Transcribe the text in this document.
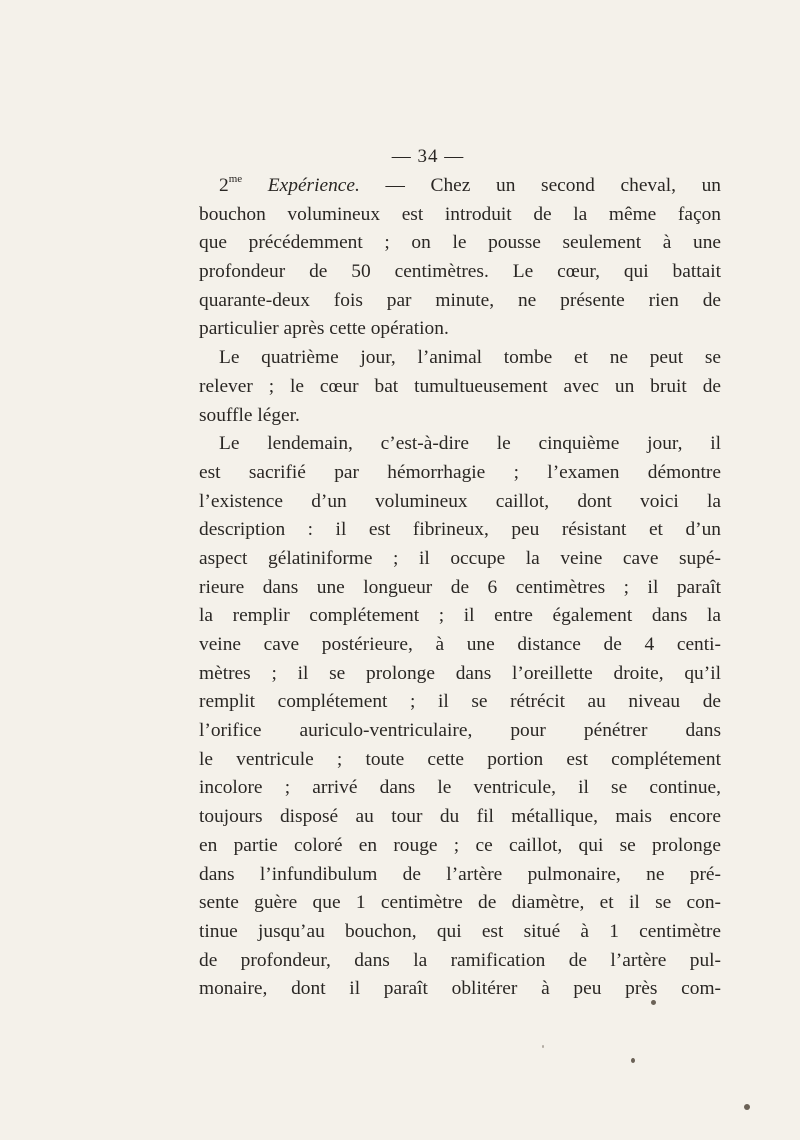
— 34 —
$2^{me}$ Expérience. — Chez un second cheval, un
bouchon volumineux est introduit de la même façon
que précédemment ; on le pousse seulement à une
profondeur de 50 centimètres. Le cœur, qui battait
quarante-deux fois par minute, ne présente rien de
particulier après cette opération.
Le quatrième jour, l’animal tombe et ne peut se
relever ; le cœur bat tumultueusement avec un bruit de
souffle léger.
Le lendemain, c’est-à-dire le cinquième jour, il
est sacrifié par hémorrhagie ; l’examen démontre
l’existence d’un volumineux caillot, dont voici la
description : il est fibrineux, peu résistant et d’un
aspect gélatiniforme ; il occupe la veine cave supé-
rieure dans une longueur de 6 centimètres ; il paraît
la remplir complétement ; il entre également dans la
veine cave postérieure, à une distance de 4 centi-
mètres ; il se prolonge dans l’oreillette droite, qu’il
remplit complétement ; il se rétrécit au niveau de
l’orifice auriculo-ventriculaire, pour pénétrer dans
le ventricule ; toute cette portion est complétement
incolore ; arrivé dans le ventricule, il se continue,
toujours disposé au tour du fil métallique, mais encore
en partie coloré en rouge ; ce caillot, qui se prolonge
dans l’infundibulum de l’artère pulmonaire, ne pré-
sente guère que 1 centimètre de diamètre, et il se con-
tinue jusqu’au bouchon, qui est situé à 1 centimètre
de profondeur, dans la ramification de l’artère pul-
monaire, dont il paraît oblitérer à peu près com-
